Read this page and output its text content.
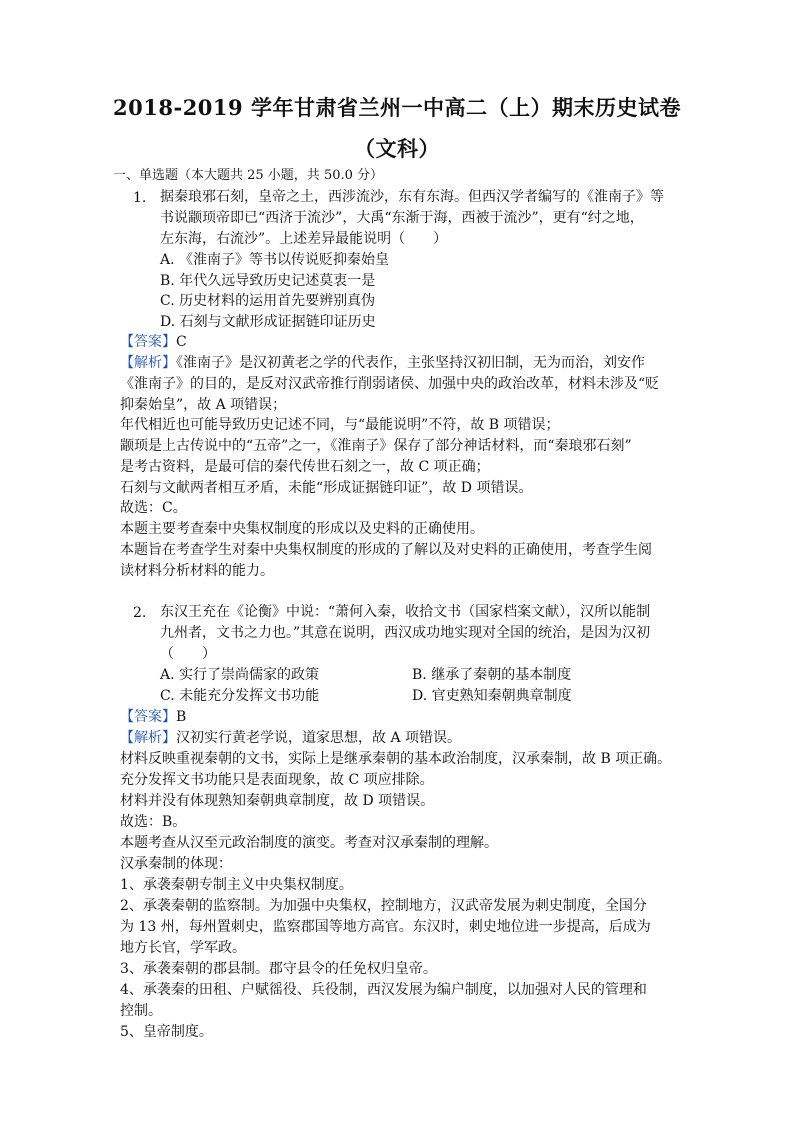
2018-2019 学年甘肃省兰州一中高二（上）期末历史试卷
（文科）
一、单选题（本大题共 25 小题，共 50.0 分）
1. 据秦琅邪石刻，皇帝之土，西涉流沙，东有东海。但西汉学者编写的《淮南子》等
书说颛顼帝即已“西济于流沙”，大禹“东渐于海，西被于流沙”，更有“纣之地，
左东海，右流沙”。上述差异最能说明（　　）
A. 《淮南子》等书以传说贬抑秦始皇
B. 年代久远导致历史记述莫衷一是
C. 历史材料的运用首先要辨别真伪
D. 石刻与文献形成证据链印证历史
【答案】C
【解析】《淮南子》是汉初黄老之学的代表作，主张坚持汉初旧制，无为而治，刘安作
《淮南子》的目的，是反对汉武帝推行削弱诸侯、加强中央的政治改革，材料未涉及“贬
抑秦始皇”，故 A 项错误；
年代相近也可能导致历史记述不同，与“最能说明”不符，故 B 项错误；
颛顼是上古传说中的“五帝”之一，《淮南子》保存了部分神话材料，而“秦琅邪石刻”
是考古资料，是最可信的秦代传世石刻之一，故 C 项正确；
石刻与文献两者相互矛盾，未能“形成证据链印证”，故 D 项错误。
故选：C。
本题主要考查秦中央集权制度的形成以及史料的正确使用。
本题旨在考查学生对秦中央集权制度的形成的了解以及对史料的正确使用，考查学生阅
读材料分析材料的能力。
2. 东汉王充在《论衡》中说：“萧何入秦，收拾文书（国家档案文献），汉所以能制
九州者，文书之力也。”其意在说明，西汉成功地实现对全国的统治，是因为汉初
（　　）
A. 实行了崇尚儒家的政策	B. 继承了秦朝的基本制度
C. 未能充分发挥文书功能	D. 官吏熟知秦朝典章制度
【答案】B
【解析】汉初实行黄老学说，道家思想，故 A 项错误。
材料反映重视秦朝的文书，实际上是继承秦朝的基本政治制度，汉承秦制，故 B 项正确。
充分发挥文书功能只是表面现象，故 C 项应排除。
材料并没有体现熟知秦朝典章制度，故 D 项错误。
故选：B。
本题考查从汉至元政治制度的演变。考查对汉承秦制的理解。
汉承秦制的体现：
1、承袭秦朝专制主义中央集权制度。
2、承袭秦朝的监察制。为加强中央集权，控制地方，汉武帝发展为刺史制度，全国分
为 13 州，每州置刺史，监察郡国等地方高官。东汉时，刺史地位进一步提高，后成为
地方长官，学军政。
3、承袭秦朝的郡县制。郡守县令的任免权归皇帝。
4、承袭秦的田租、户赋徭役、兵役制，西汉发展为编户制度，以加强对人民的管理和
控制。
5、皇帝制度。
